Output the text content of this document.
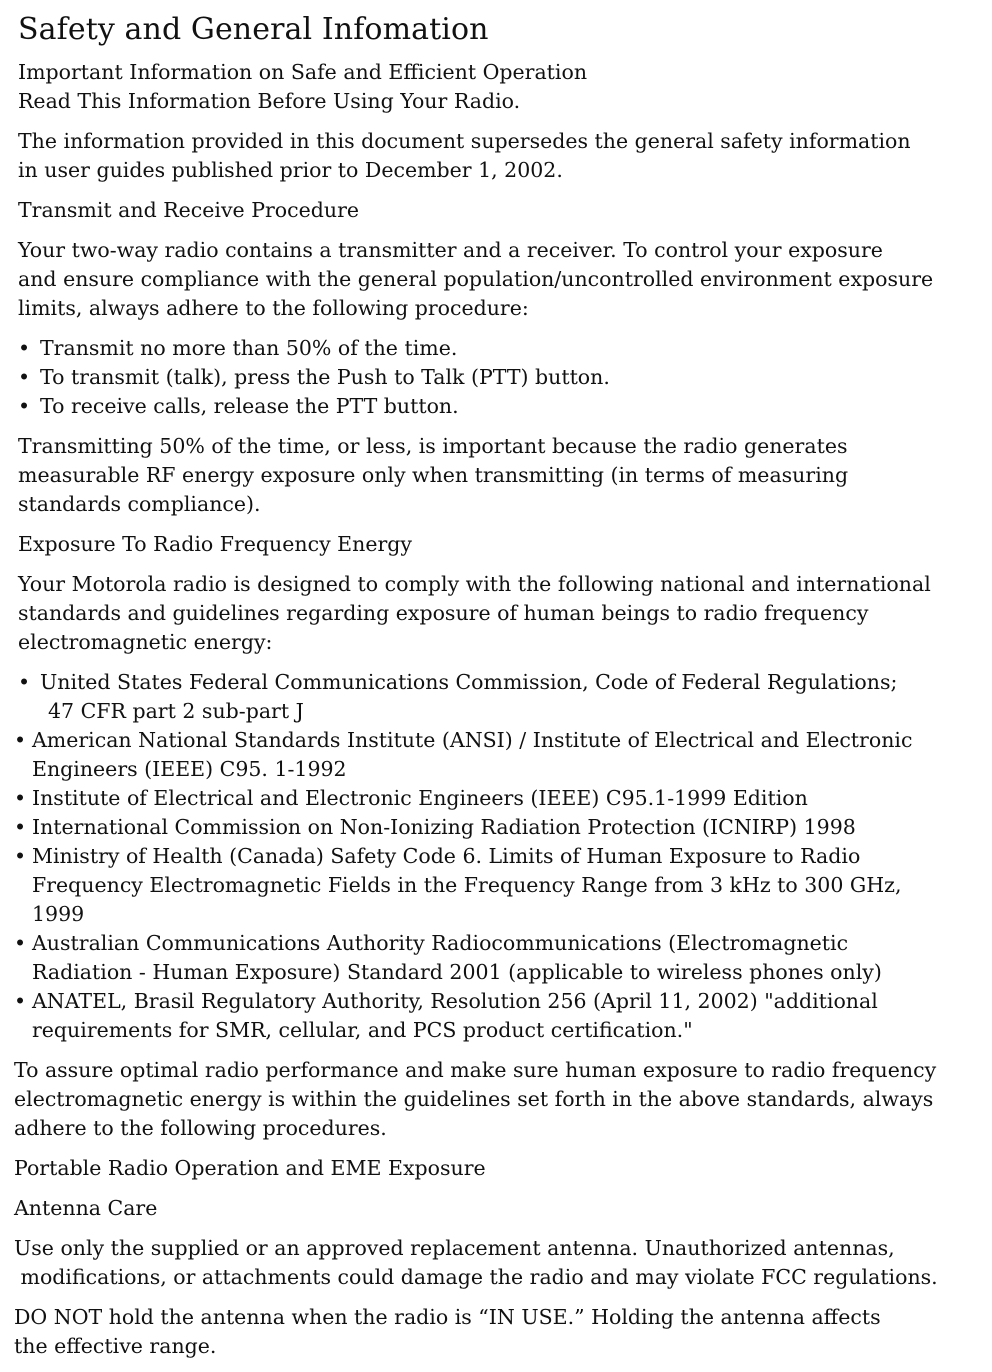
Safety and General Infomation

Important Information on Safe and Efficient Operation
Read This Information Before Using Your Radio.

The information provided in this document supersedes the general safety information
in user guides published prior to December 1, 2002.

Transmit and Receive Procedure

Your two-way radio contains a transmitter and a receiver. To control your exposure
and ensure compliance with the general population/uncontrolled environment exposure
limits, always adhere to the following procedure:

• Transmit no more than 50% of the time.
• To transmit (talk), press the Push to Talk (PTT) button.
• To receive calls, release the PTT button.

Transmitting 50% of the time, or less, is important because the radio generates
measurable RF energy exposure only when transmitting (in terms of measuring
standards compliance).

Exposure To Radio Frequency Energy

Your Motorola radio is designed to comply with the following national and international
standards and guidelines regarding exposure of human beings to radio frequency
electromagnetic energy:

• United States Federal Communications Commission, Code of Federal Regulations;
47 CFR part 2 sub-part J
• American National Standards Institute (ANSI) / Institute of Electrical and Electronic
Engineers (IEEE) C95. 1-1992
• Institute of Electrical and Electronic Engineers (IEEE) C95.1-1999 Edition
• International Commission on Non-Ionizing Radiation Protection (ICNIRP) 1998
• Ministry of Health (Canada) Safety Code 6. Limits of Human Exposure to Radio
Frequency Electromagnetic Fields in the Frequency Range from 3 kHz to 300 GHz,
1999
• Australian Communications Authority Radiocommunications (Electromagnetic
Radiation - Human Exposure) Standard 2001 (applicable to wireless phones only)
• ANATEL, Brasil Regulatory Authority, Resolution 256 (April 11, 2002) "additional
requirements for SMR, cellular, and PCS product certification."

To assure optimal radio performance and make sure human exposure to radio frequency
electromagnetic energy is within the guidelines set forth in the above standards, always
adhere to the following procedures.

Portable Radio Operation and EME Exposure
Antenna Care

Use only the supplied or an approved replacement antenna. Unauthorized antennas,
modifications, or attachments could damage the radio and may violate FCC regulations.

DO NOT hold the antenna when the radio is “IN USE.” Holding the antenna affects
the effective range.
